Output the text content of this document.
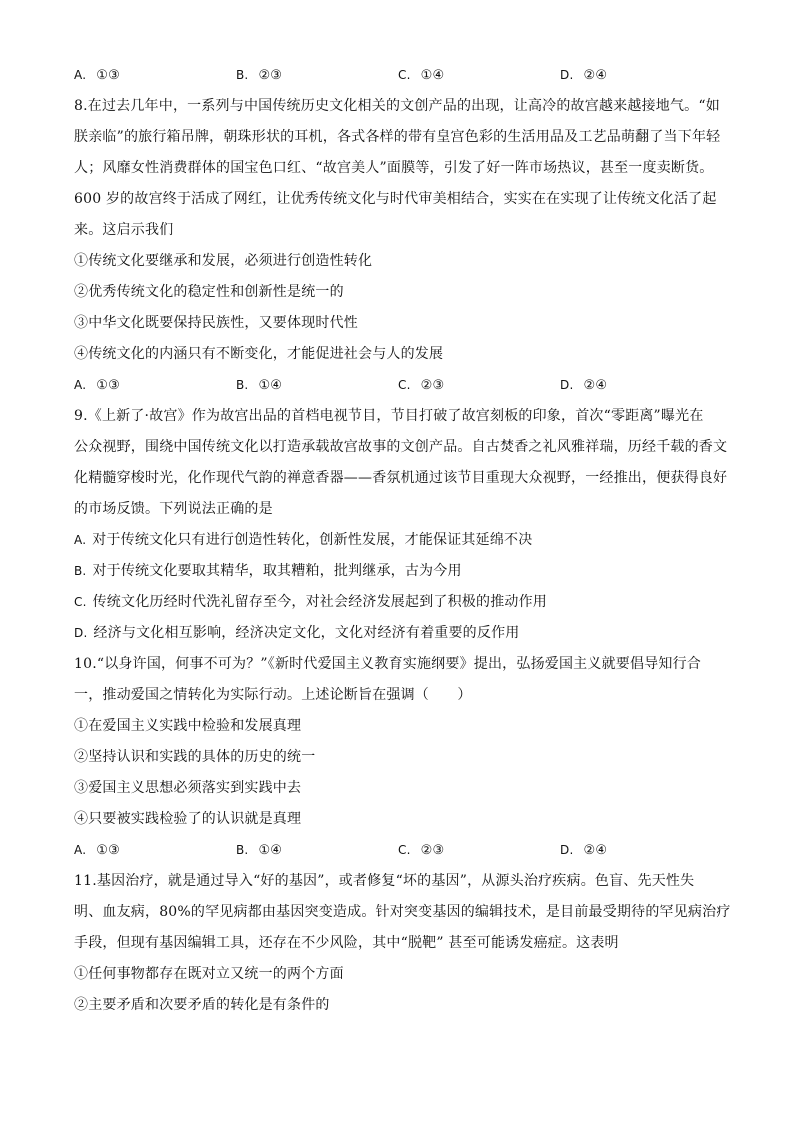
A. ①③	B. ②③	C. ①④	D. ②④
8.在过去几年中，一系列与中国传统历史文化相关的文创产品的出现，让高冷的故宫越来越接地气。“如
朕亲临”的旅行箱吊牌，朝珠形状的耳机，各式各样的带有皇宫色彩的生活用品及工艺品萌翻了当下年轻
人；风靡女性消费群体的国宝色口红、“故宫美人”面膜等，引发了好一阵市场热议，甚至一度卖断货。
600 岁的故宫终于活成了网红，让优秀传统文化与时代审美相结合，实实在在实现了让传统文化活了起
来。这启示我们
①传统文化要继承和发展，必须进行创造性转化
②优秀传统文化的稳定性和创新性是统一的
③中华文化既要保持民族性，又要体现时代性
④传统文化的内涵只有不断变化，才能促进社会与人的发展
A. ①③	B. ①④	C. ②③	D. ②④
9.《上新了·故宫》作为故宫出品的首档电视节目，节目打破了故宫刻板的印象，首次“零距离”曝光在
公众视野，围绕中国传统文化以打造承载故宫故事的文创产品。自古焚香之礼风雅祥瑞，历经千载的香文
化精髓穿梭时光，化作现代气韵的禅意香器——香氛机通过该节目重现大众视野，一经推出，便获得良好
的市场反馈。下列说法正确的是
A. 对于传统文化只有进行创造性转化，创新性发展，才能保证其延绵不决
B. 对于传统文化要取其精华，取其糟粕，批判继承，古为今用
C. 传统文化历经时代洗礼留存至今，对社会经济发展起到了积极的推动作用
D. 经济与文化相互影响，经济决定文化，文化对经济有着重要的反作用
10.“以身许国，何事不可为？”《新时代爱国主义教育实施纲要》提出，弘扬爱国主义就要倡导知行合
一，推动爱国之情转化为实际行动。上述论断旨在强调（　　）
①在爱国主义实践中检验和发展真理
②坚持认识和实践的具体的历史的统一
③爱国主义思想必须落实到实践中去
④只要被实践检验了的认识就是真理
A. ①③	B. ①④	C. ②③	D. ②④
11.基因治疗，就是通过导入“好的基因”，或者修复“坏的基因”，从源头治疗疾病。色盲、先天性失
明、血友病，80%的罕见病都由基因突变造成。针对突变基因的编辑技术，是目前最受期待的罕见病治疗
手段，但现有基因编辑工具，还存在不少风险，其中“脱靶” 甚至可能诱发癌症。这表明
①任何事物都存在既对立又统一的两个方面
②主要矛盾和次要矛盾的转化是有条件的
